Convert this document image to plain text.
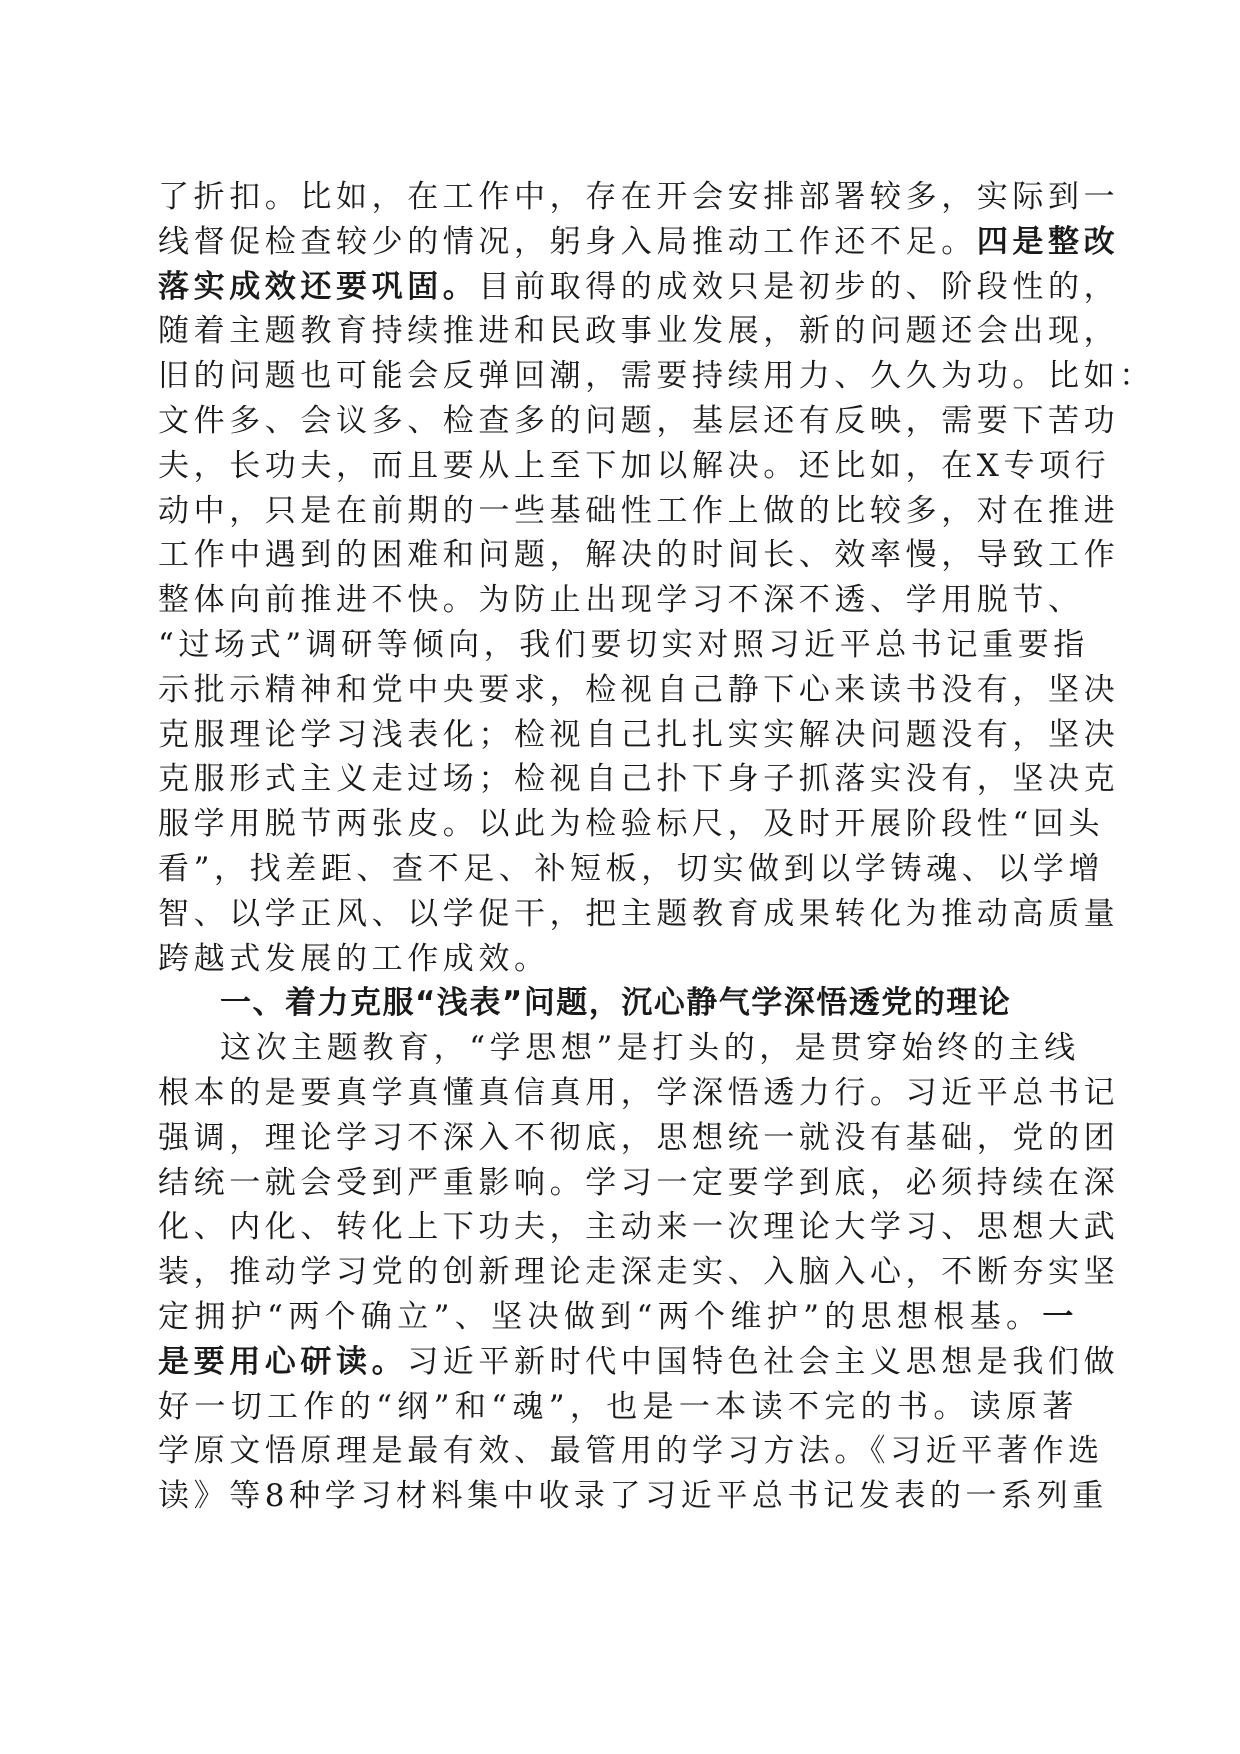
了折扣。比如，在工作中，存在开会安排部署较多，实际到一
线督促检查较少的情况，躬身入局推动工作还不足。四是整改
落实成效还要巩固。目前取得的成效只是初步的、阶段性的，
随着主题教育持续推进和民政事业发展，新的问题还会出现，
旧的问题也可能会反弹回潮，需要持续用力、久久为功。比如：
文件多、会议多、检查多的问题，基层还有反映，需要下苦功
夫，长功夫，而且要从上至下加以解决。还比如，在X专项行
动中，只是在前期的一些基础性工作上做的比较多，对在推进
工作中遇到的困难和问题，解决的时间长、效率慢，导致工作
整体向前推进不快。为防止出现学习不深不透、学用脱节、
“过场式”调研等倾向，我们要切实对照习近平总书记重要指
示批示精神和党中央要求，检视自己静下心来读书没有，坚决
克服理论学习浅表化；检视自己扎扎实实解决问题没有，坚决
克服形式主义走过场；检视自己扑下身子抓落实没有，坚决克
服学用脱节两张皮。以此为检验标尺，及时开展阶段性“回头
看”，找差距、查不足、补短板，切实做到以学铸魂、以学增
智、以学正风、以学促干，把主题教育成果转化为推动高质量
跨越式发展的工作成效。
一、着力克服“浅表”问题，沉心静气学深悟透党的理论
这次主题教育，“学思想”是打头的，是贯穿始终的主线
根本的是要真学真懂真信真用，学深悟透力行。习近平总书记
强调，理论学习不深入不彻底，思想统一就没有基础，党的团
结统一就会受到严重影响。学习一定要学到底，必须持续在深
化、内化、转化上下功夫，主动来一次理论大学习、思想大武
装，推动学习党的创新理论走深走实、入脑入心，不断夯实坚
定拥护“两个确立”、坚决做到“两个维护”的思想根基。一
是要用心研读。习近平新时代中国特色社会主义思想是我们做
好一切工作的“纲”和“魂”，也是一本读不完的书。读原著
学原文悟原理是最有效、最管用的学习方法。《习近平著作选
读》等8种学习材料集中收录了习近平总书记发表的一系列重
